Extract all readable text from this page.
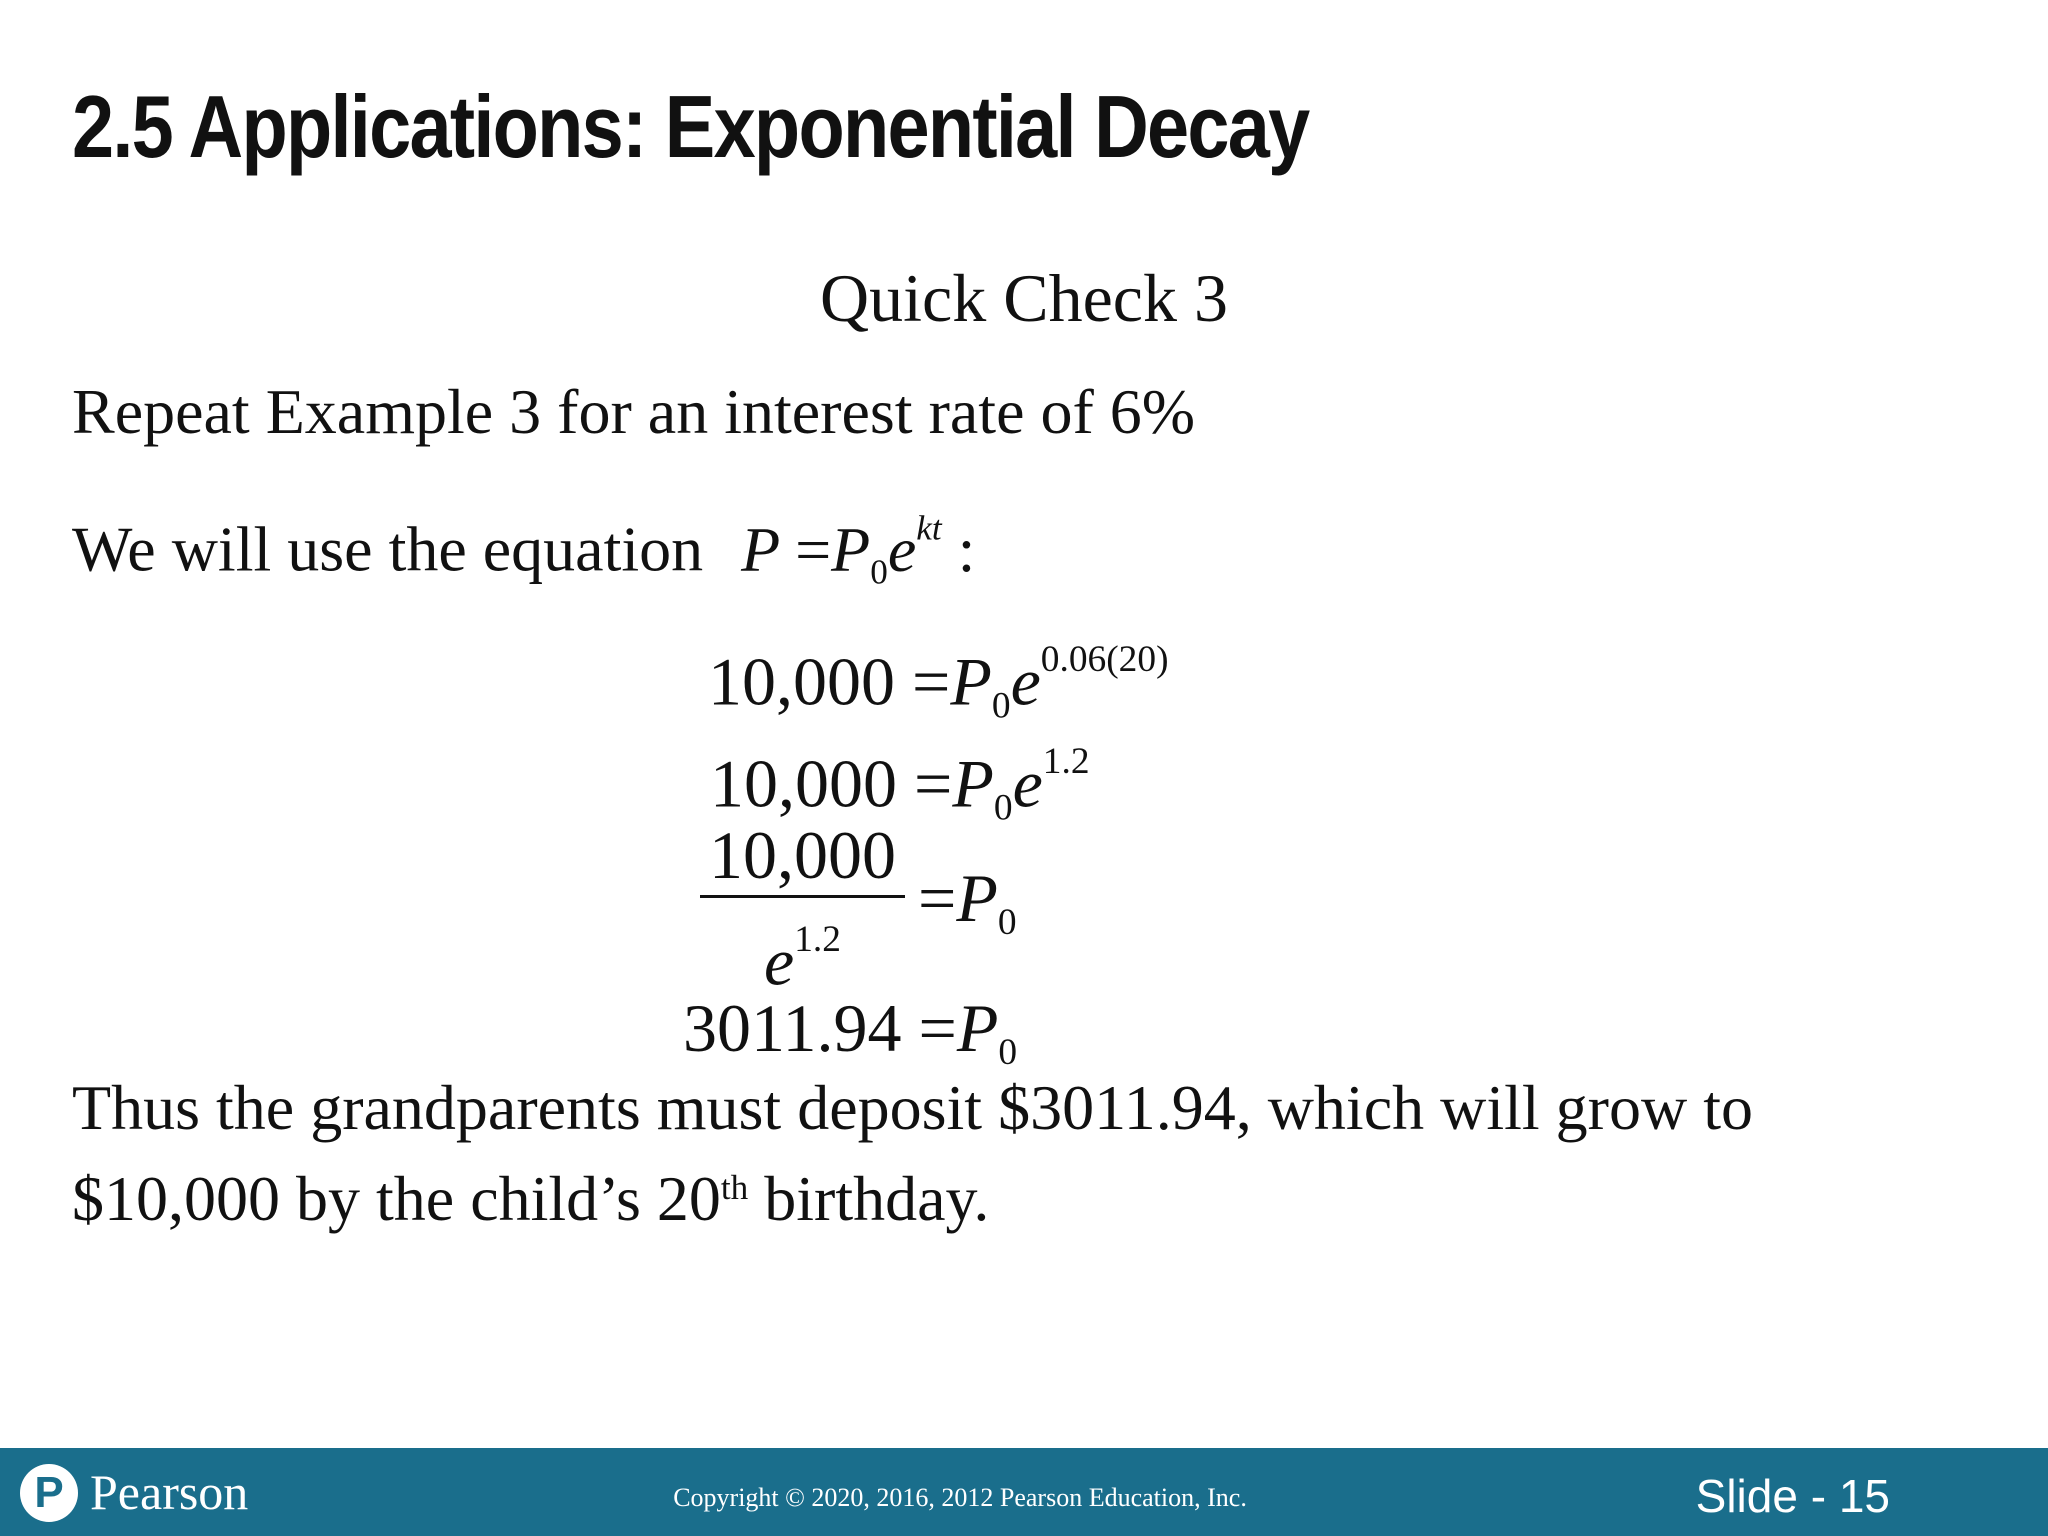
2.5 Applications: Exponential Decay
Quick Check 3
Repeat Example 3 for an interest rate of 6%
We will use the equation $P =P_0e^{kt}$ :
$10,000 =P_0e^{0.06(20)}$
$10,000 =P_0e^{1.2}$
10,000
$e^{1.2}$
$=P_0$
$3011.94 =P_0$
Thus the grandparents must deposit $3011.94, which will grow to
$10,000 by the child’s 20th birthday.
P Pearson	Copyright © 2020, 2016, 2012 Pearson Education, Inc.	Slide - 15
